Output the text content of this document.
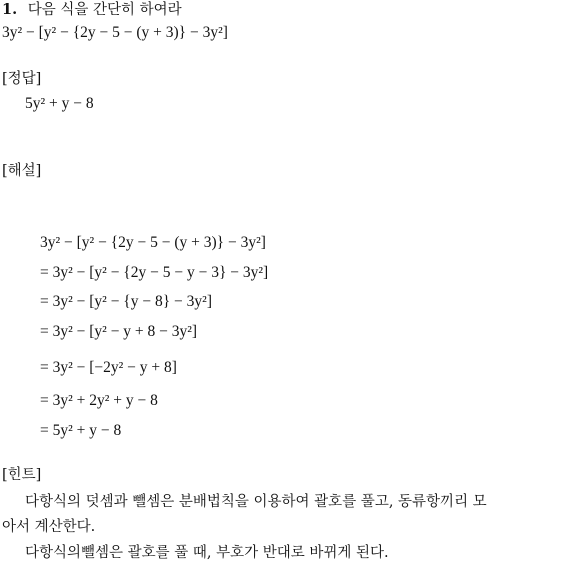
1. 다음 식을 간단히 하여라
3y² − [y² − {2y − 5 − (y + 3)} − 3y²]
[정답]
5y² + y − 8
[해설]
3y² − [y² − {2y − 5 − (y + 3)} − 3y²]
= 3y² − [y² − {2y − 5 − y − 3} − 3y²]
= 3y² − [y² − {y − 8} − 3y²]
= 3y² − [y² − y + 8 − 3y²]
= 3y² − [−2y² − y + 8]
= 3y² + 2y² + y − 8
= 5y² + y − 8
[힌트]
다항식의 덧셈과 뺄셈은 분배법칙을 이용하여 괄호를 풀고, 동류항끼리 모
아서 계산한다.
다항식의뺄셈은 괄호를 풀 때, 부호가 반대로 바뀌게 된다.
